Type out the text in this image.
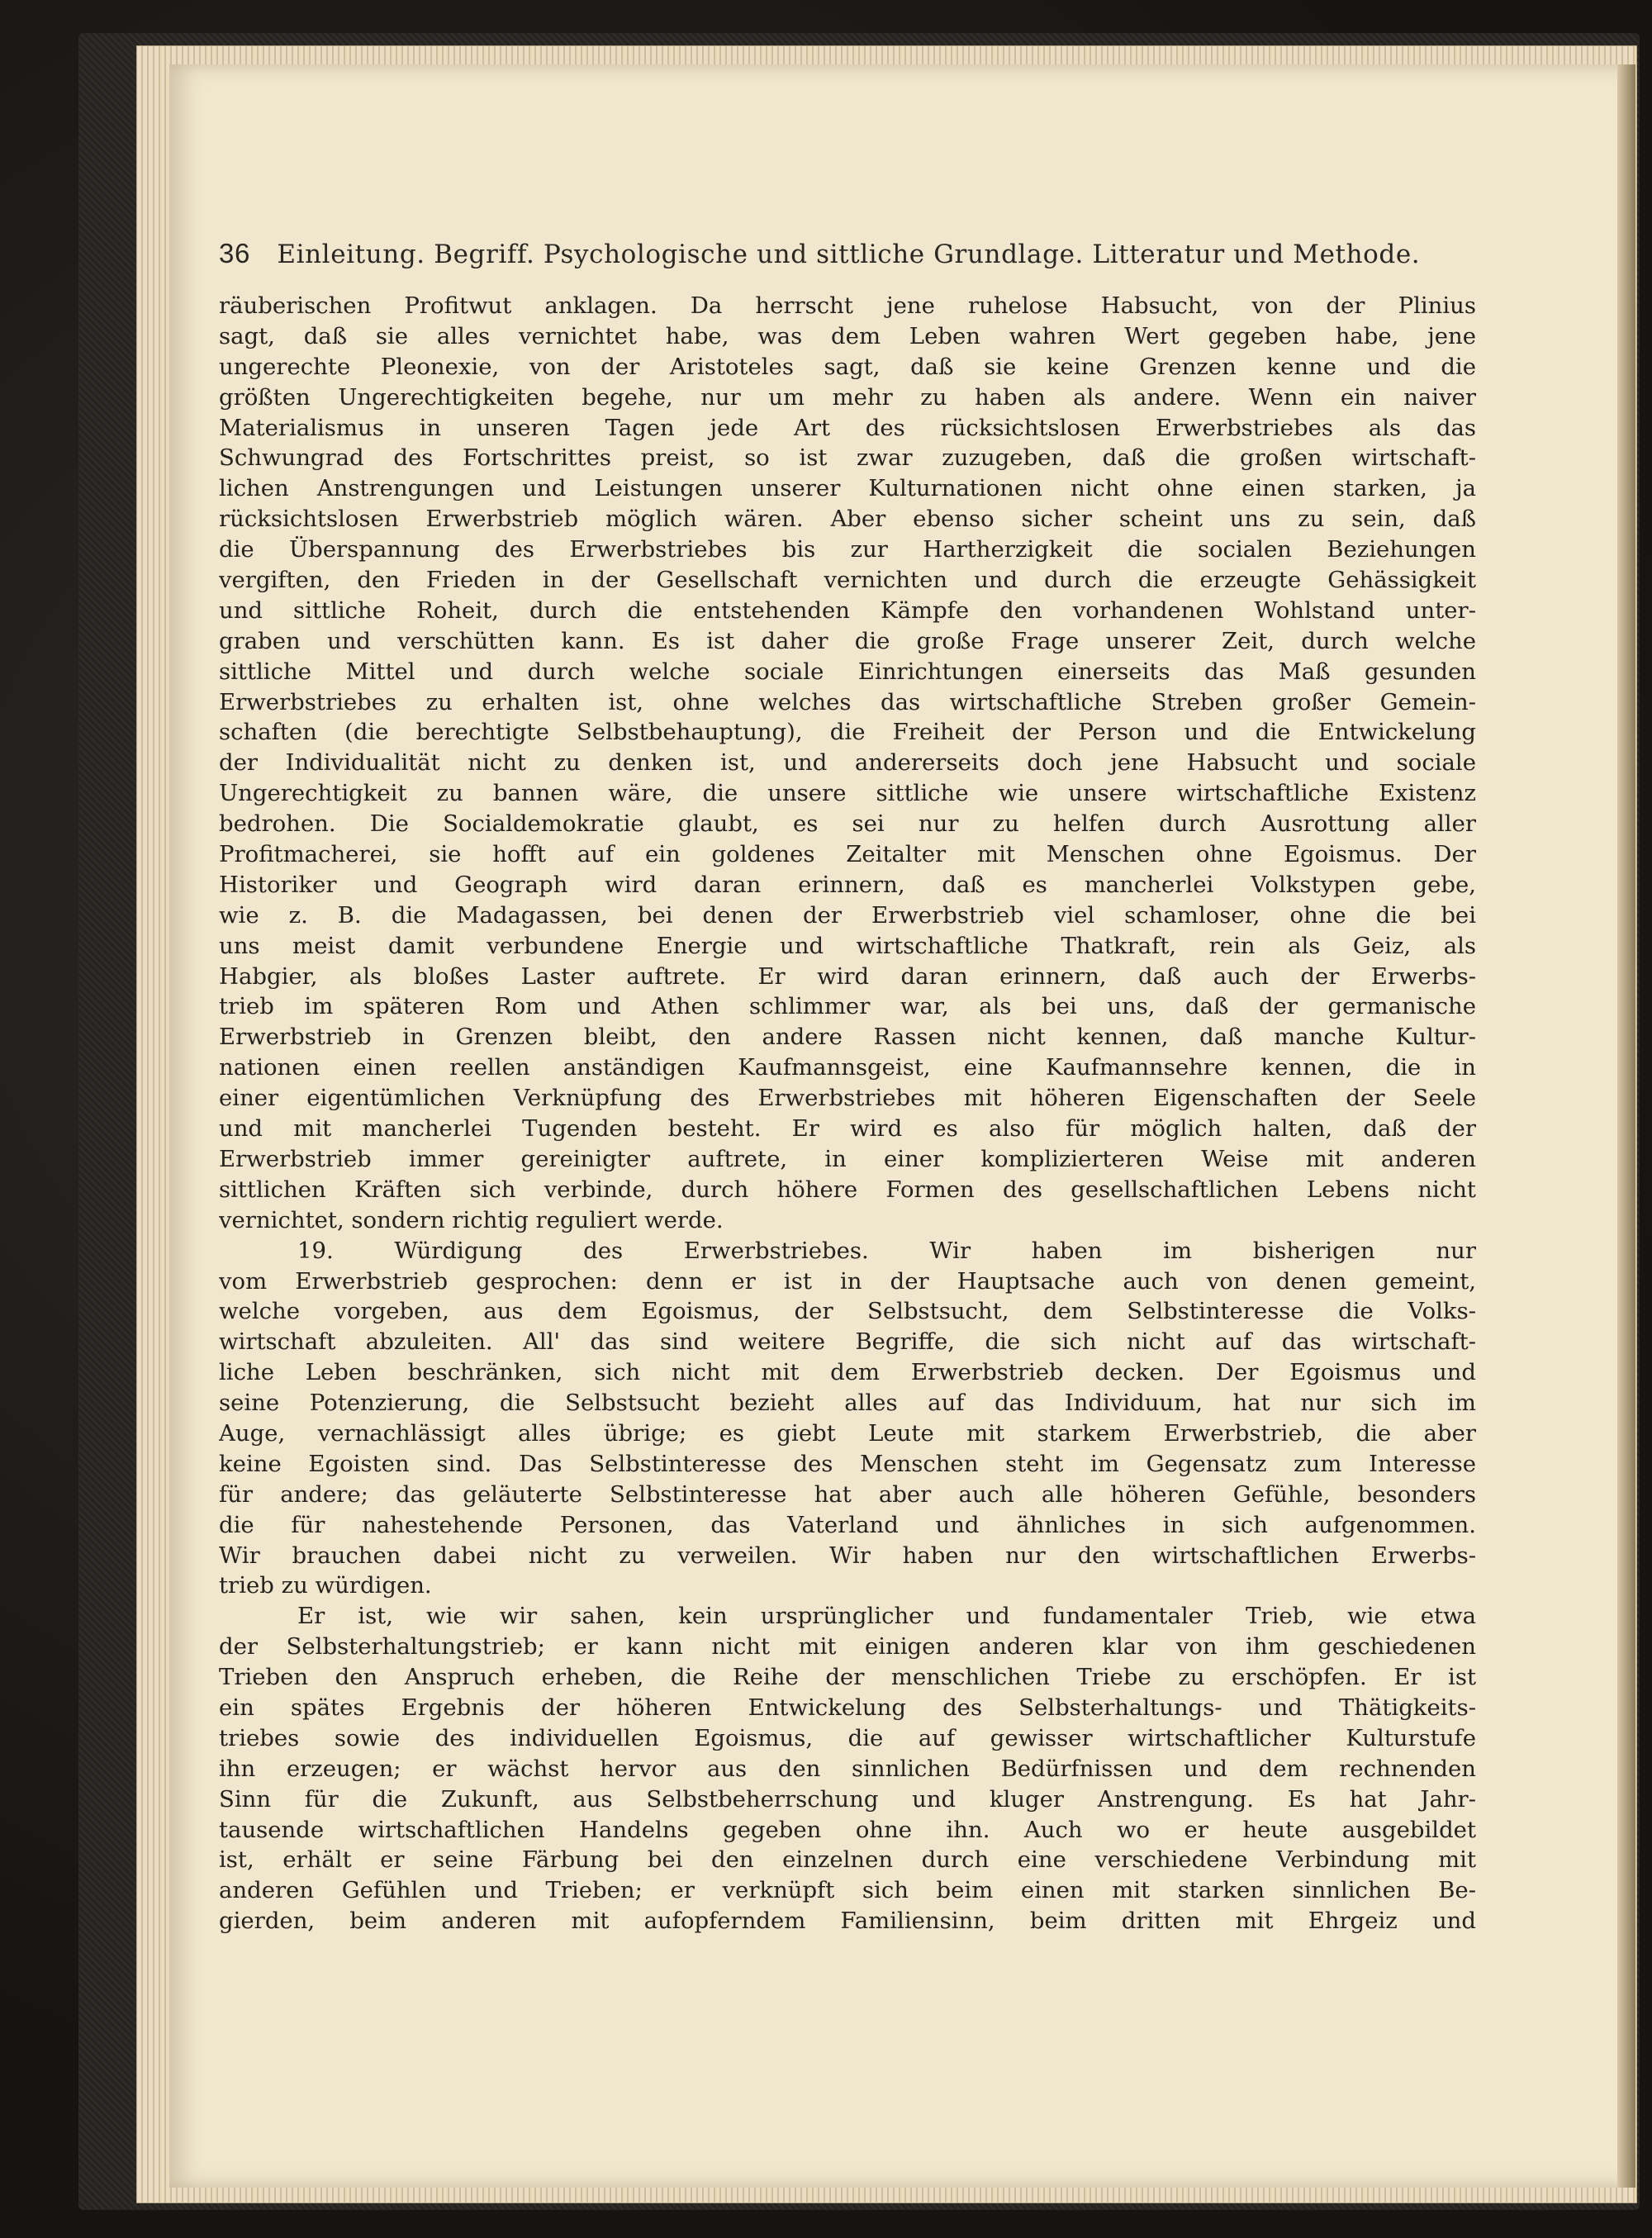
36 Einleitung. Begriff. Psychologische und sittliche Grundlage. Litteratur und Methode.
räuberischen Profitwut anklagen. Da herrscht jene ruhelose Habsucht, von der Plinius
sagt, daß sie alles vernichtet habe, was dem Leben wahren Wert gegeben habe, jene
ungerechte Pleonexie, von der Aristoteles sagt, daß sie keine Grenzen kenne und die
größten Ungerechtigkeiten begehe, nur um mehr zu haben als andere. Wenn ein naiver
Materialismus in unseren Tagen jede Art des rücksichtslosen Erwerbstriebes als das
Schwungrad des Fortschrittes preist, so ist zwar zuzugeben, daß die großen wirtschaft-
lichen Anstrengungen und Leistungen unserer Kulturnationen nicht ohne einen starken, ja
rücksichtslosen Erwerbstrieb möglich wären. Aber ebenso sicher scheint uns zu sein, daß
die Überspannung des Erwerbstriebes bis zur Hartherzigkeit die socialen Beziehungen
vergiften, den Frieden in der Gesellschaft vernichten und durch die erzeugte Gehässigkeit
und sittliche Roheit, durch die entstehenden Kämpfe den vorhandenen Wohlstand unter-
graben und verschütten kann. Es ist daher die große Frage unserer Zeit, durch welche
sittliche Mittel und durch welche sociale Einrichtungen einerseits das Maß gesunden
Erwerbstriebes zu erhalten ist, ohne welches das wirtschaftliche Streben großer Gemein-
schaften (die berechtigte Selbstbehauptung), die Freiheit der Person und die Entwickelung
der Individualität nicht zu denken ist, und andererseits doch jene Habsucht und sociale
Ungerechtigkeit zu bannen wäre, die unsere sittliche wie unsere wirtschaftliche Existenz
bedrohen. Die Socialdemokratie glaubt, es sei nur zu helfen durch Ausrottung aller
Profitmacherei, sie hofft auf ein goldenes Zeitalter mit Menschen ohne Egoismus. Der
Historiker und Geograph wird daran erinnern, daß es mancherlei Volkstypen gebe,
wie z. B. die Madagassen, bei denen der Erwerbstrieb viel schamloser, ohne die bei
uns meist damit verbundene Energie und wirtschaftliche Thatkraft, rein als Geiz, als
Habgier, als bloßes Laster auftrete. Er wird daran erinnern, daß auch der Erwerbs-
trieb im späteren Rom und Athen schlimmer war, als bei uns, daß der germanische
Erwerbstrieb in Grenzen bleibt, den andere Rassen nicht kennen, daß manche Kultur-
nationen einen reellen anständigen Kaufmannsgeist, eine Kaufmannsehre kennen, die in
einer eigentümlichen Verknüpfung des Erwerbstriebes mit höheren Eigenschaften der Seele
und mit mancherlei Tugenden besteht. Er wird es also für möglich halten, daß der
Erwerbstrieb immer gereinigter auftrete, in einer komplizierteren Weise mit anderen
sittlichen Kräften sich verbinde, durch höhere Formen des gesellschaftlichen Lebens nicht
vernichtet, sondern richtig reguliert werde.
19. Würdigung des Erwerbstriebes. Wir haben im bisherigen nur
vom Erwerbstrieb gesprochen: denn er ist in der Hauptsache auch von denen gemeint,
welche vorgeben, aus dem Egoismus, der Selbstsucht, dem Selbstinteresse die Volks-
wirtschaft abzuleiten. All' das sind weitere Begriffe, die sich nicht auf das wirtschaft-
liche Leben beschränken, sich nicht mit dem Erwerbstrieb decken. Der Egoismus und
seine Potenzierung, die Selbstsucht bezieht alles auf das Individuum, hat nur sich im
Auge, vernachlässigt alles übrige; es giebt Leute mit starkem Erwerbstrieb, die aber
keine Egoisten sind. Das Selbstinteresse des Menschen steht im Gegensatz zum Interesse
für andere; das geläuterte Selbstinteresse hat aber auch alle höheren Gefühle, besonders
die für nahestehende Personen, das Vaterland und ähnliches in sich aufgenommen.
Wir brauchen dabei nicht zu verweilen. Wir haben nur den wirtschaftlichen Erwerbs-
trieb zu würdigen.
Er ist, wie wir sahen, kein ursprünglicher und fundamentaler Trieb, wie etwa
der Selbsterhaltungstrieb; er kann nicht mit einigen anderen klar von ihm geschiedenen
Trieben den Anspruch erheben, die Reihe der menschlichen Triebe zu erschöpfen. Er ist
ein spätes Ergebnis der höheren Entwickelung des Selbsterhaltungs- und Thätigkeits-
triebes sowie des individuellen Egoismus, die auf gewisser wirtschaftlicher Kulturstufe
ihn erzeugen; er wächst hervor aus den sinnlichen Bedürfnissen und dem rechnenden
Sinn für die Zukunft, aus Selbstbeherrschung und kluger Anstrengung. Es hat Jahr-
tausende wirtschaftlichen Handelns gegeben ohne ihn. Auch wo er heute ausgebildet
ist, erhält er seine Färbung bei den einzelnen durch eine verschiedene Verbindung mit
anderen Gefühlen und Trieben; er verknüpft sich beim einen mit starken sinnlichen Be-
gierden, beim anderen mit aufopferndem Familiensinn, beim dritten mit Ehrgeiz und
